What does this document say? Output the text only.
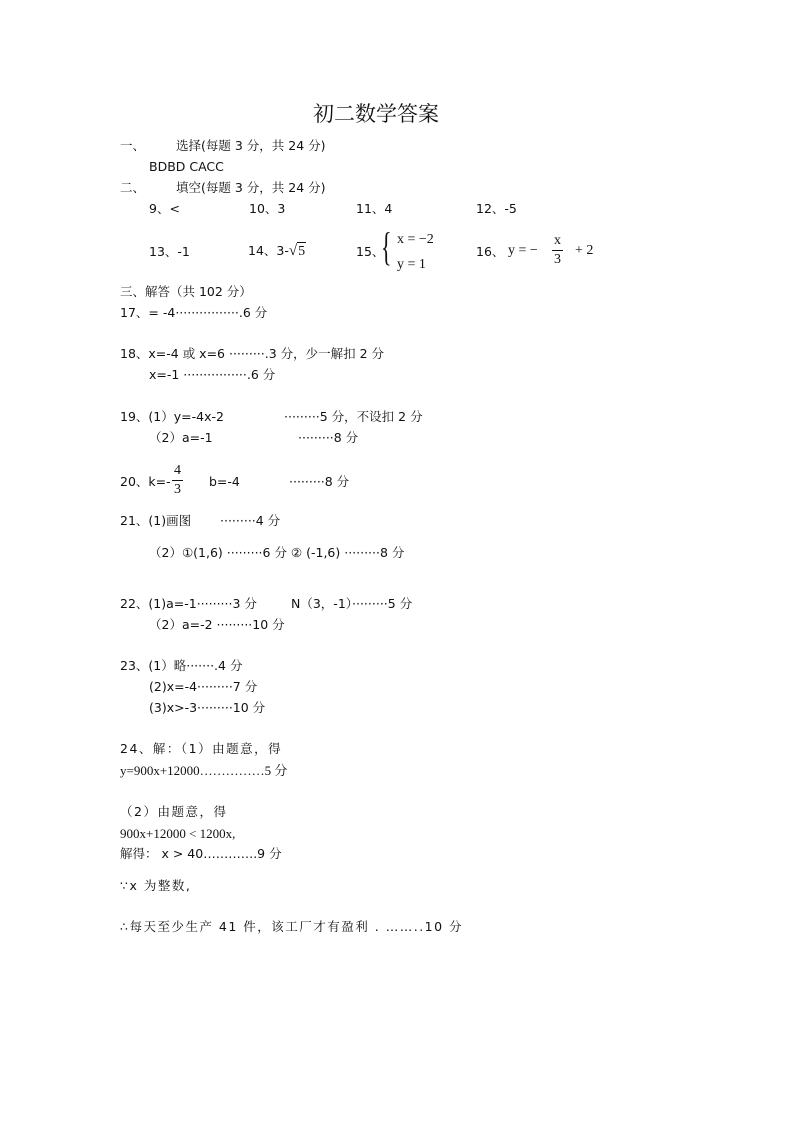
初二数学答案
一、 选择(每题 3 分，共 24 分)
BDBD CACC
二、 填空(每题 3 分，共 24 分)
9、<	10、3	11、4	12、-5
13、-1	14、3-√5	15、
{ x = −2
y = 1
16、 y = − $\frac{x}{3} + 2$
三、解答（共 102 分）
17、= -4················.6 分
18、x=-4 或 x=6 ·········.3 分，少一解扣 2 分
x=-1 ················.6 分
19、(1）y=-4x-2	·········5 分，不设扣 2 分
（2）a=-1	·········8 分
20、$k=- \frac{4}{3} b=-4$	·········8 分
21、(1)画图 ·········4 分
（2）①(1,6) ·········6 分 ② (-1,6) ·········8 分
22、(1)a=-1·········3 分	N（3，-1）·········5 分
（2）a=-2 ·········10 分
23、(1）略·······.4 分
(2)x=-4·········7 分
(3)x>-3·········10 分
24、解：（1）由题意，得
y=900x+12000……………5 分
（2）由题意，得
900x+12000 < 1200x,
解得： x > 40………….9 分
∵x 为整数,
∴每天至少生产 41 件，该工厂才有盈利 . ……..10 分
